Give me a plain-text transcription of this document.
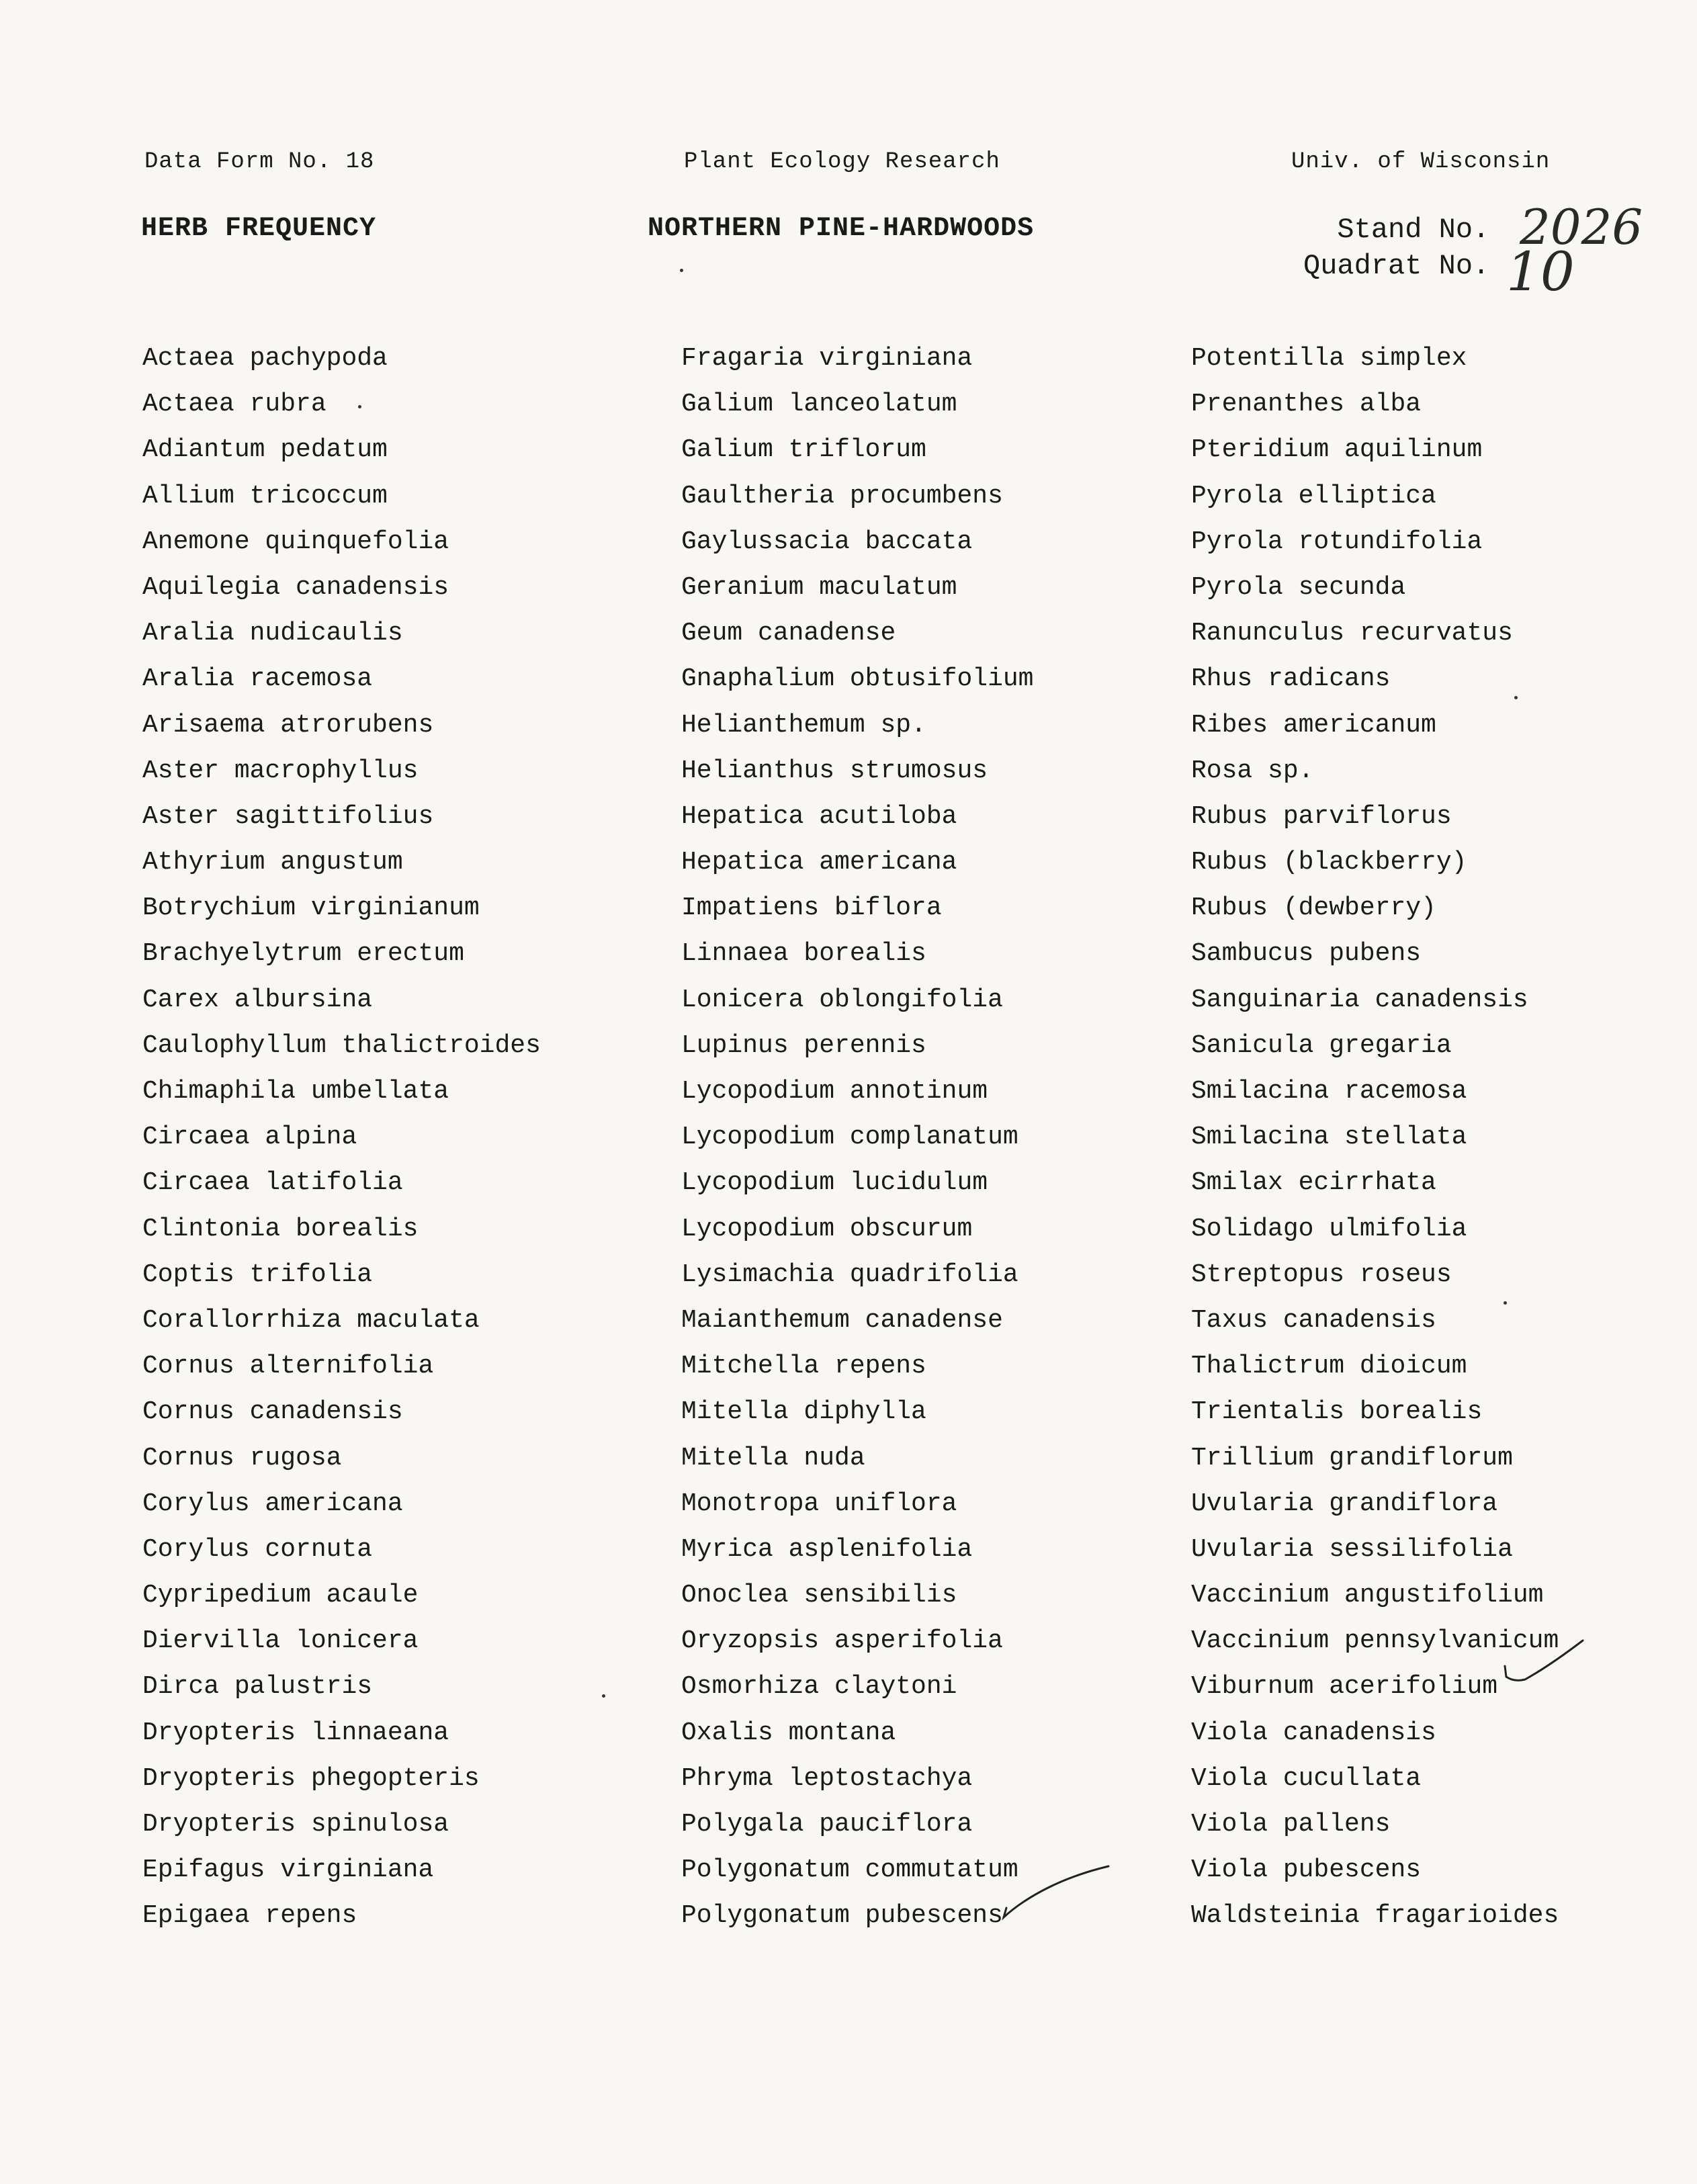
Data Form No. 18	Plant Ecology Research	Univ. of Wisconsin
HERB FREQUENCY	NORTHERN PINE-HARDWOODS	Stand No.
Quadrat No.
2026
10
Actaea pachypoda
Actaea rubra
Adiantum pedatum
Allium tricoccum
Anemone quinquefolia
Aquilegia canadensis
Aralia nudicaulis
Aralia racemosa
Arisaema atrorubens
Aster macrophyllus
Aster sagittifolius
Athyrium angustum
Botrychium virginianum
Brachyelytrum erectum
Carex albursina
Caulophyllum thalictroides
Chimaphila umbellata
Circaea alpina
Circaea latifolia
Clintonia borealis
Coptis trifolia
Corallorrhiza maculata
Cornus alternifolia
Cornus canadensis
Cornus rugosa
Corylus americana
Corylus cornuta
Cypripedium acaule
Diervilla lonicera
Dirca palustris
Dryopteris linnaeana
Dryopteris phegopteris
Dryopteris spinulosa
Epifagus virginiana
Epigaea repens
Fragaria virginiana
Galium lanceolatum
Galium triflorum
Gaultheria procumbens
Gaylussacia baccata
Geranium maculatum
Geum canadense
Gnaphalium obtusifolium
Helianthemum sp.
Helianthus strumosus
Hepatica acutiloba
Hepatica americana
Impatiens biflora
Linnaea borealis
Lonicera oblongifolia
Lupinus perennis
Lycopodium annotinum
Lycopodium complanatum
Lycopodium lucidulum
Lycopodium obscurum
Lysimachia quadrifolia
Maianthemum canadense
Mitchella repens
Mitella diphylla
Mitella nuda
Monotropa uniflora
Myrica asplenifolia
Onoclea sensibilis
Oryzopsis asperifolia
Osmorhiza claytoni
Oxalis montana
Phryma leptostachya
Polygala pauciflora
Polygonatum commutatum
Polygonatum pubescens
Potentilla simplex
Prenanthes alba
Pteridium aquilinum
Pyrola elliptica
Pyrola rotundifolia
Pyrola secunda
Ranunculus recurvatus
Rhus radicans
Ribes americanum
Rosa sp.
Rubus parviflorus
Rubus (blackberry)
Rubus (dewberry)
Sambucus pubens
Sanguinaria canadensis
Sanicula gregaria
Smilacina racemosa
Smilacina stellata
Smilax ecirrhata
Solidago ulmifolia
Streptopus roseus
Taxus canadensis
Thalictrum dioicum
Trientalis borealis
Trillium grandiflorum
Uvularia grandiflora
Uvularia sessilifolia
Vaccinium angustifolium
Vaccinium pennsylvanicum
Viburnum acerifolium
Viola canadensis
Viola cucullata
Viola pallens
Viola pubescens
Waldsteinia fragarioides
